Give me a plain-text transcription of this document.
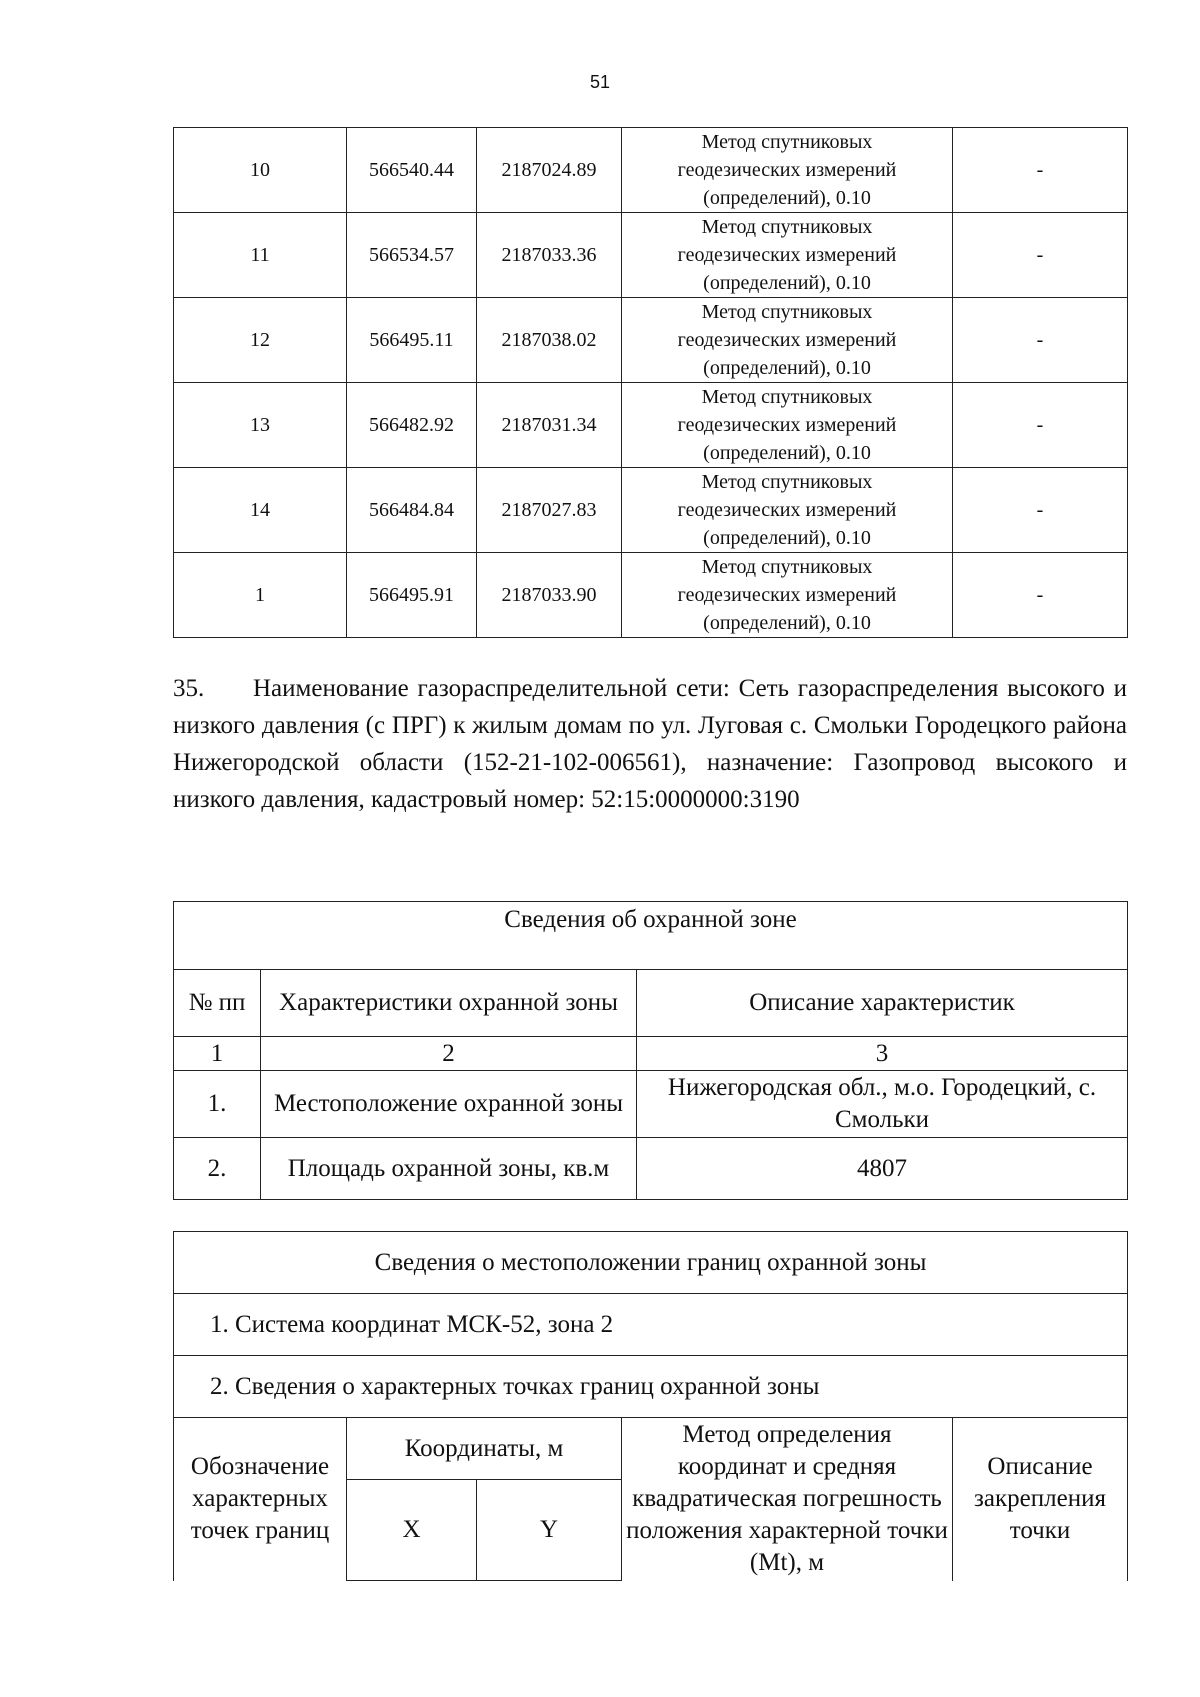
51
10	566540.44	2187024.89	Метод спутниковых
геодезических измерений
(определений), 0.10	-
11	566534.57	2187033.36	Метод спутниковых
геодезических измерений
(определений), 0.10	-
12	566495.11	2187038.02	Метод спутниковых
геодезических измерений
(определений), 0.10	-
13	566482.92	2187031.34	Метод спутниковых
геодезических измерений
(определений), 0.10	-
14	566484.84	2187027.83	Метод спутниковых
геодезических измерений
(определений), 0.10	-
1	566495.91	2187033.90	Метод спутниковых
геодезических измерений
(определений), 0.10	-

35. Наименование газораспределительной сети: Сеть газораспределения высокого и низкого давления (с ПРГ) к жилым домам по ул. Луговая с. Смольки Городецкого района Нижегородской области (152-21-102-006561), назначение: Газопровод высокого и низкого давления, кадастровый номер: 52:15:0000000:3190

Сведения об охранной зоне		
№ пп	Характеристики охранной зоны	Описание характеристик
1	2	3
1.	Местоположение охранной зоны	Нижегородская обл., м.о. Городецкий, с. Смольки
2.	Площадь охранной зоны, кв.м	4807
Сведения о местоположении границ охранной зоны				
1. Система координат МСК-52, зона 2				
2. Сведения о характерных точках границ охранной зоны				
Обозначение характерных точек границ	Координаты, м		Метод определения координат и средняя квадратическая погрешность положения характерной точки (Mt), м	Описание закрепления точки
	X	Y		
